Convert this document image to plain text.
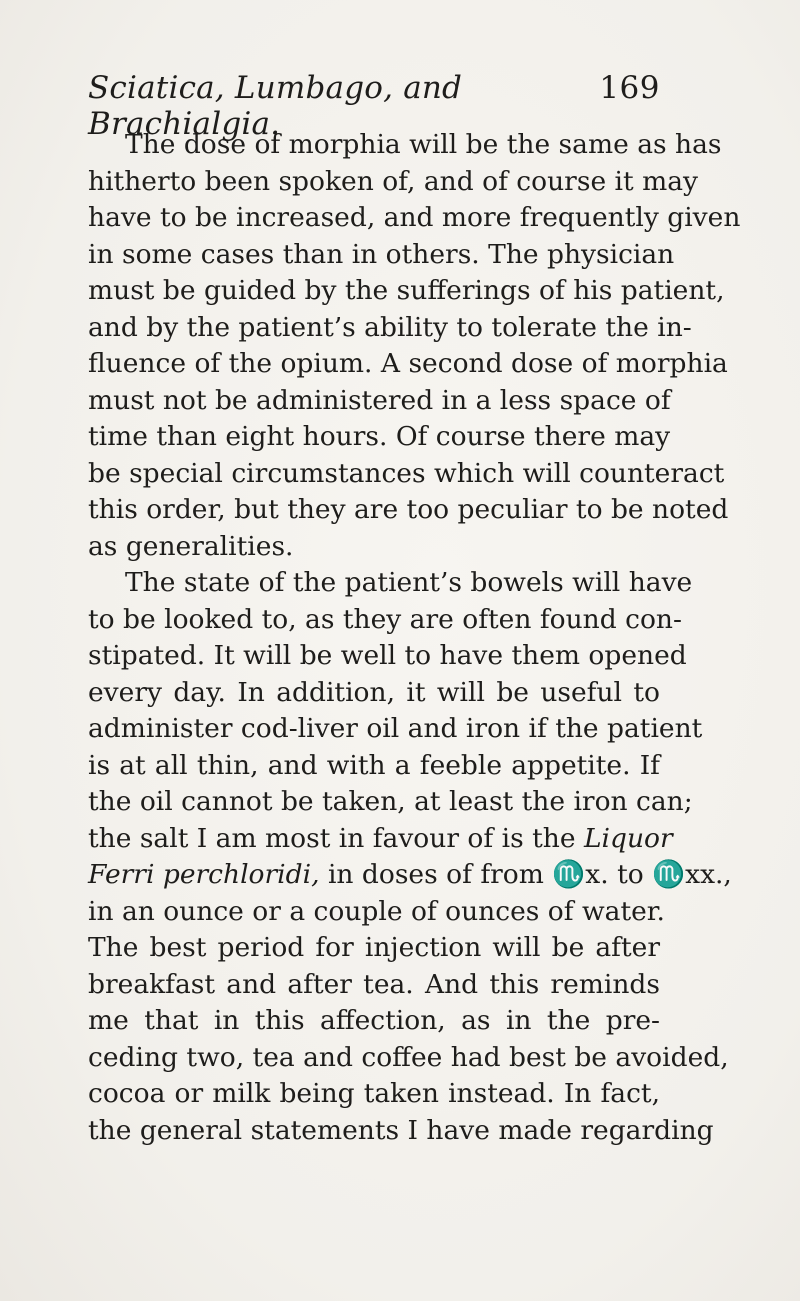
Sciatica, Lumbago, and Brachialgia.
169
The dose of morphia will be the same as has
hitherto been spoken of, and of course it may
have to be increased, and more frequently given
in some cases than in others. The physician
must be guided by the sufferings of his patient,
and by the patient’s ability to tolerate the in-
fluence of the opium. A second dose of morphia
must not be administered in a less space of
time than eight hours. Of course there may
be special circumstances which will counteract
this order, but they are too peculiar to be noted
as generalities.
The state of the patient’s bowels will have
to be looked to, as they are often found con-
stipated. It will be well to have them opened
every day. In addition, it will be useful to
administer cod-liver oil and iron if the patient
is at all thin, and with a feeble appetite. If
the oil cannot be taken, at least the iron can;
the salt I am most in favour of is the Liquor
Ferri perchloridi, in doses of from ♏x. to ♏xx.,
in an ounce or a couple of ounces of water.
The best period for injection will be after
breakfast and after tea. And this reminds
me that in this affection, as in the pre-
ceding two, tea and coffee had best be avoided,
cocoa or milk being taken instead. In fact,
the general statements I have made regarding
